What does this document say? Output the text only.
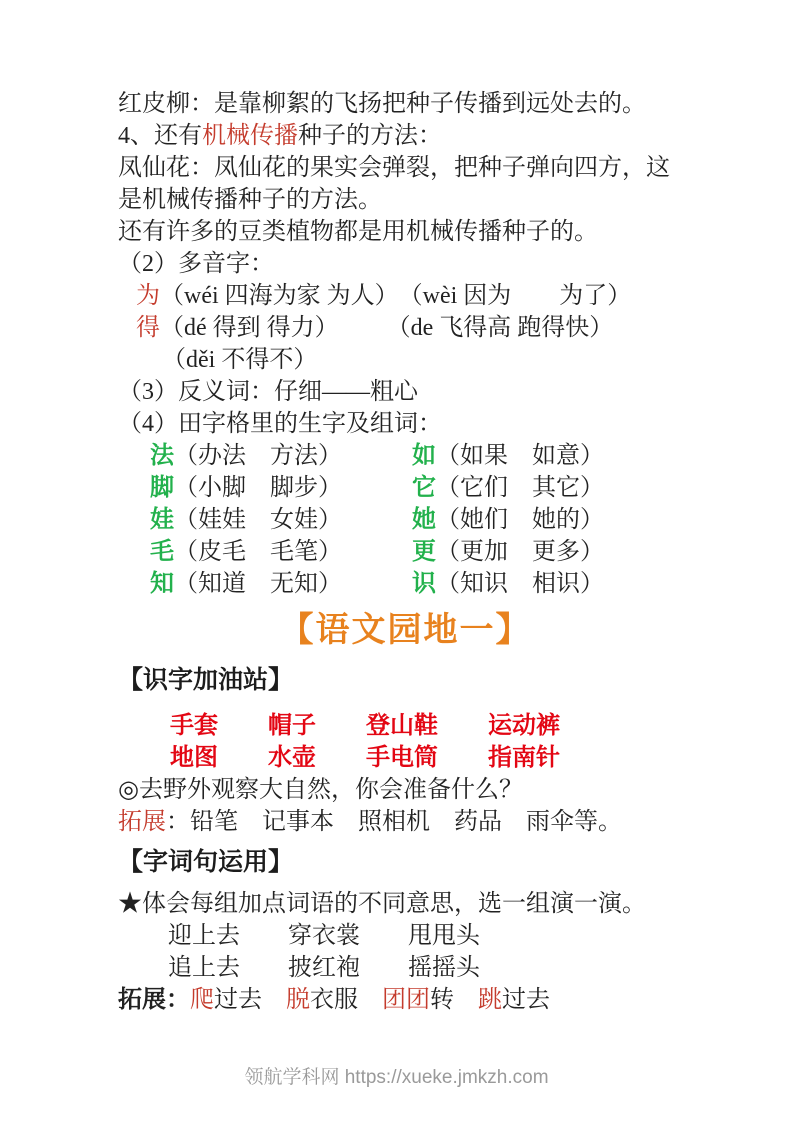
红皮柳：是靠柳絮的飞扬把种子传播到远处去的。

4、还有机械传播种子的方法：

凤仙花：凤仙花的果实会弹裂，把种子弹向四方，这

是机械传播种子的方法。

还有许多的豆类植物都是用机械传播种子的。

（2）多音字：

为（wéi 四海为家 为人）　（wèi 因为　　为了）

得（dé 得到 得力）　　　（de 飞得高 跑得快）

（děi 不得不）

（3）反义词：仔细——粗心

（4）田字格里的生字及组词：

法（办法　方法）	如（如果　如意）

脚（小脚　脚步）	它（它们　其它）

娃（娃娃　女娃）	她（她们　她的）

毛（皮毛　毛笔）	更（更加　更多）

知（知道　无知）	识（知识　相识）

【语文园地一】

【识字加油站】

手套 帽子 登山鞋 运动裤

地图 水壶 手电筒 指南针

◎去野外观察大自然，你会准备什么？

拓展：铅笔　记事本　照相机　药品　雨伞等。

【字词句运用】

★体会每组加点词语的不同意思，选一组演一演。

迎上去　　穿衣裳　　甩甩头

追上去　　披红袍　　摇摇头

拓展：爬过去　 脱衣服　 团团转　 跳过去

领航学科网 https://xueke.jmkzh.com
